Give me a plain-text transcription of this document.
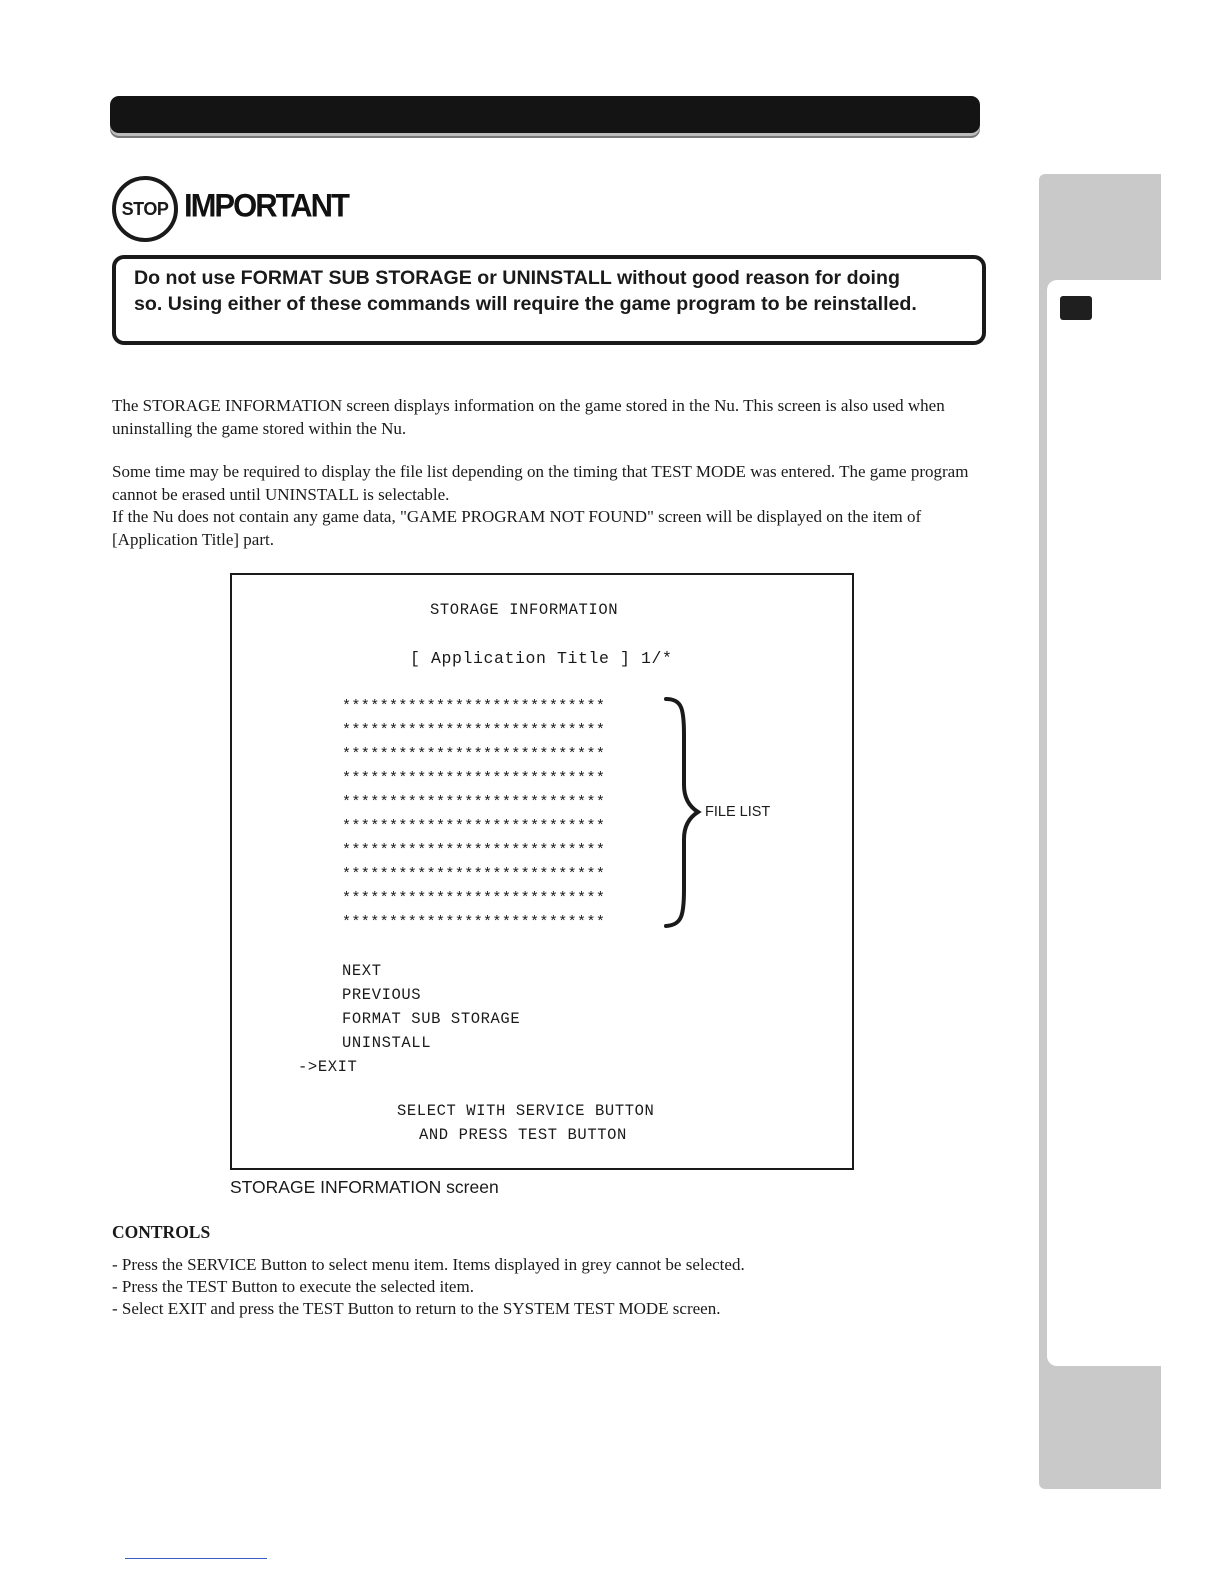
STOP IMPORTANT
Do not use FORMAT SUB STORAGE or UNINSTALL without good reason for doing
so. Using either of these commands will require the game program to be reinstalled.

The STORAGE INFORMATION screen displays information on the game stored in the Nu. This screen is also used when uninstalling the game stored within the Nu.

Some time may be required to display the file list depending on the timing that TEST MODE was entered. The game program cannot be erased until UNINSTALL is selectable.

If the Nu does not contain any game data, "GAME PROGRAM NOT FOUND" screen will be displayed on the item of [Application Title] part.

STORAGE INFORMATION
[ Application Title ] 1/*
****************************
****************************
****************************
****************************
****************************
****************************
****************************
****************************
****************************
****************************
FILE LIST
NEXT
PREVIOUS
FORMAT SUB STORAGE
UNINSTALL
->EXIT
SELECT WITH SERVICE BUTTON
AND PRESS TEST BUTTON
STORAGE INFORMATION screen
CONTROLS
- Press the SERVICE Button to select menu item. Items displayed in grey cannot be selected.
- Press the TEST Button to execute the selected item.
- Select EXIT and press the TEST Button to return to the SYSTEM TEST MODE screen.
